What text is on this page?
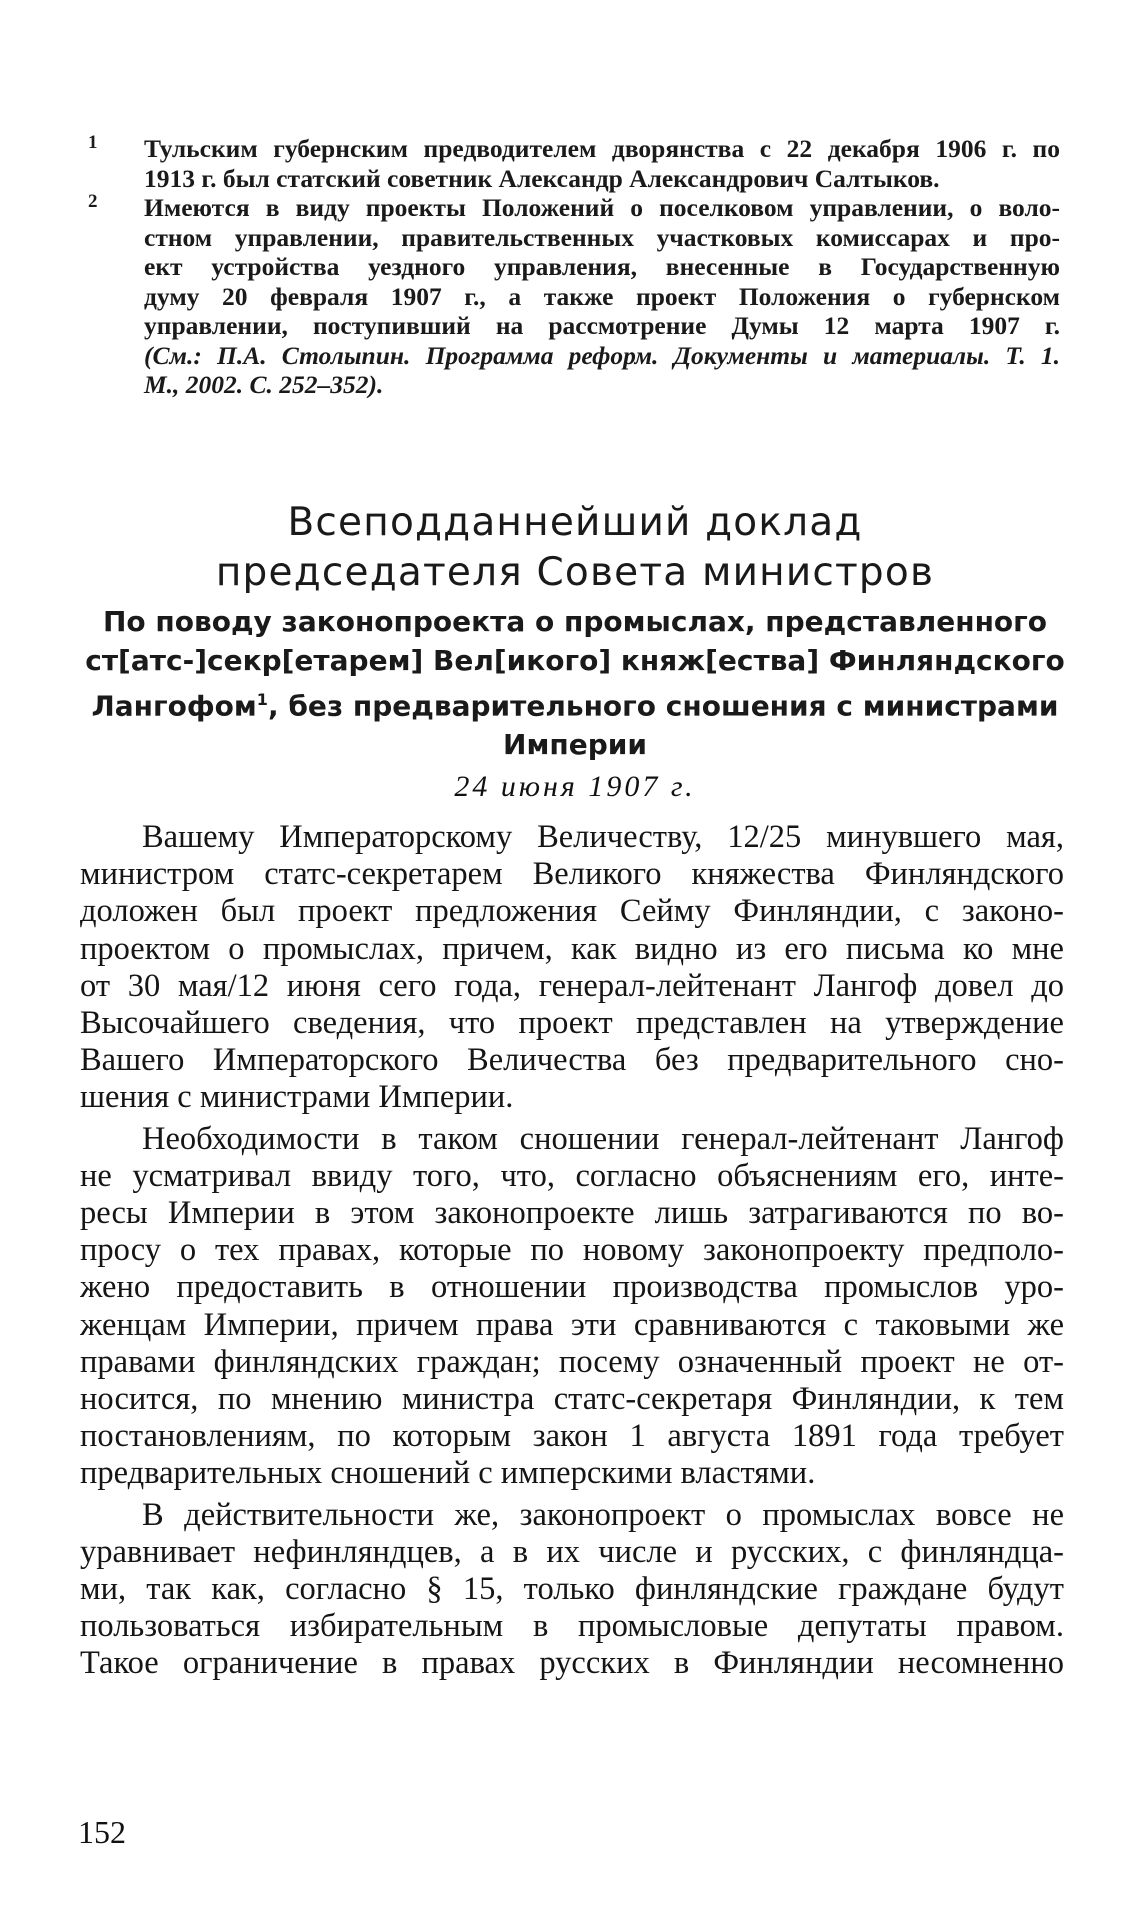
1 Тульским губернским предводителем дворянства с 22 декабря 1906 г. по
1913 г. был статский советник Александр Александрович Салтыков.
2 Имеются в виду проекты Положений о поселковом управлении, о воло-
стном управлении, правительственных участковых комиссарах и про-
ект устройства уездного управления, внесенные в Государственную
думу 20 февраля 1907 г., а также проект Положения о губернском
управлении, поступивший на рассмотрение Думы 12 марта 1907 г.
(См.: П.А. Столыпин. Программа реформ. Документы и материалы. Т. 1.
М., 2002. С. 252–352).
Всеподданнейший доклад
председателя Совета министров
По поводу законопроекта о промыслах, представленного
ст[атс-]секр[етарем] Вел[икого] княж[ества] Финляндского
Лангофом$^1$, без предварительного сношения с министрами
Империи
24 июня 1907 г.
Вашему Императорскому Величеству, 12/25 минувшего мая,
министром статс-секретарем Великого княжества Финляндского
доложен был проект предложения Сейму Финляндии, с законо-
проектом о промыслах, причем, как видно из его письма ко мне
от 30 мая/12 июня сего года, генерал-лейтенант Лангоф довел до
Высочайшего сведения, что проект представлен на утверждение
Вашего Императорского Величества без предварительного сно-
шения с министрами Империи.
Необходимости в таком сношении генерал-лейтенант Лангоф
не усматривал ввиду того, что, согласно объяснениям его, инте-
ресы Империи в этом законопроекте лишь затрагиваются по во-
просу о тех правах, которые по новому законопроекту предполо-
жено предоставить в отношении производства промыслов уро-
женцам Империи, причем права эти сравниваются с таковыми же
правами финляндских граждан; посему означенный проект не от-
носится, по мнению министра статс-секретаря Финляндии, к тем
постановлениям, по которым закон 1 августа 1891 года требует
предварительных сношений с имперскими властями.
В действительности же, законопроект о промыслах вовсе не
уравнивает нефинляндцев, а в их числе и русских, с финляндца-
ми, так как, согласно § 15, только финляндские граждане будут
пользоваться избирательным в промысловые депутаты правом.
Такое ограничение в правах русских в Финляндии несомненно
152
